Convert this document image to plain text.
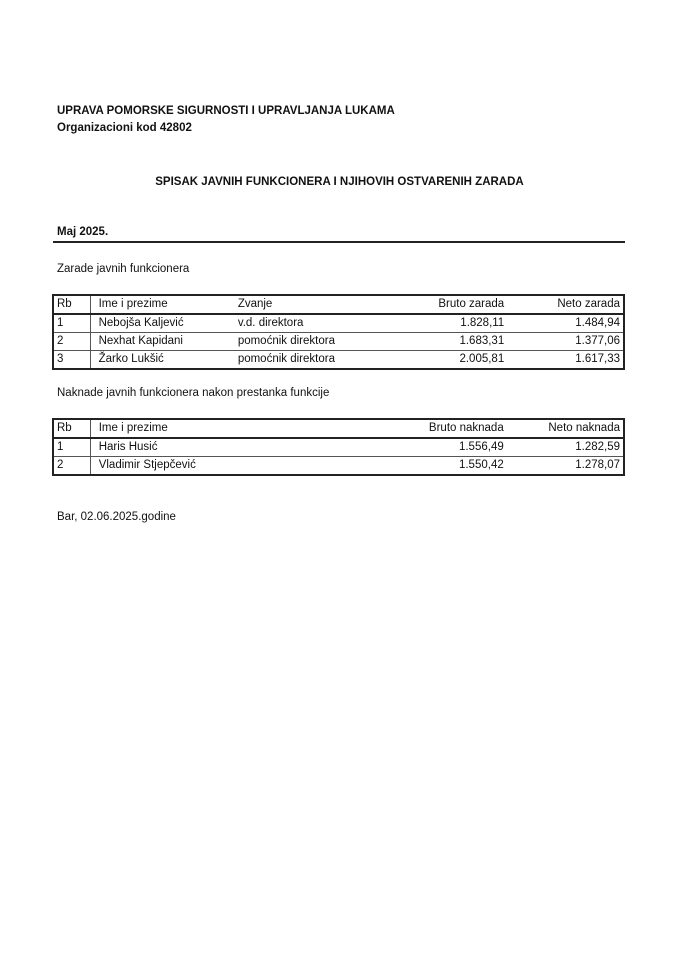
UPRAVA POMORSKE SIGURNOSTI I UPRAVLJANJA LUKAMA
Organizacioni kod 42802
SPISAK JAVNIH FUNKCIONERA I NJIHOVIH OSTVARENIH ZARADA
Maj 2025.
Zarade javnih funkcionera
Rb	Ime i prezime	Zvanje	Bruto zarada	Neto zarada
1	Nebojša Kaljević	v.d. direktora	1.828,11	1.484,94
2	Nexhat Kapidani	pomoćnik direktora	1.683,31	1.377,06
3	Žarko Lukšić	pomoćnik direktora	2.005,81	1.617,33
Naknade javnih funkcionera nakon prestanka funkcije
Rb	Ime i prezime	Bruto naknada	Neto naknada
1	Haris Husić	1.556,49	1.282,59
2	Vladimir Stjepčević	1.550,42	1.278,07
Bar, 02.06.2025.godine
